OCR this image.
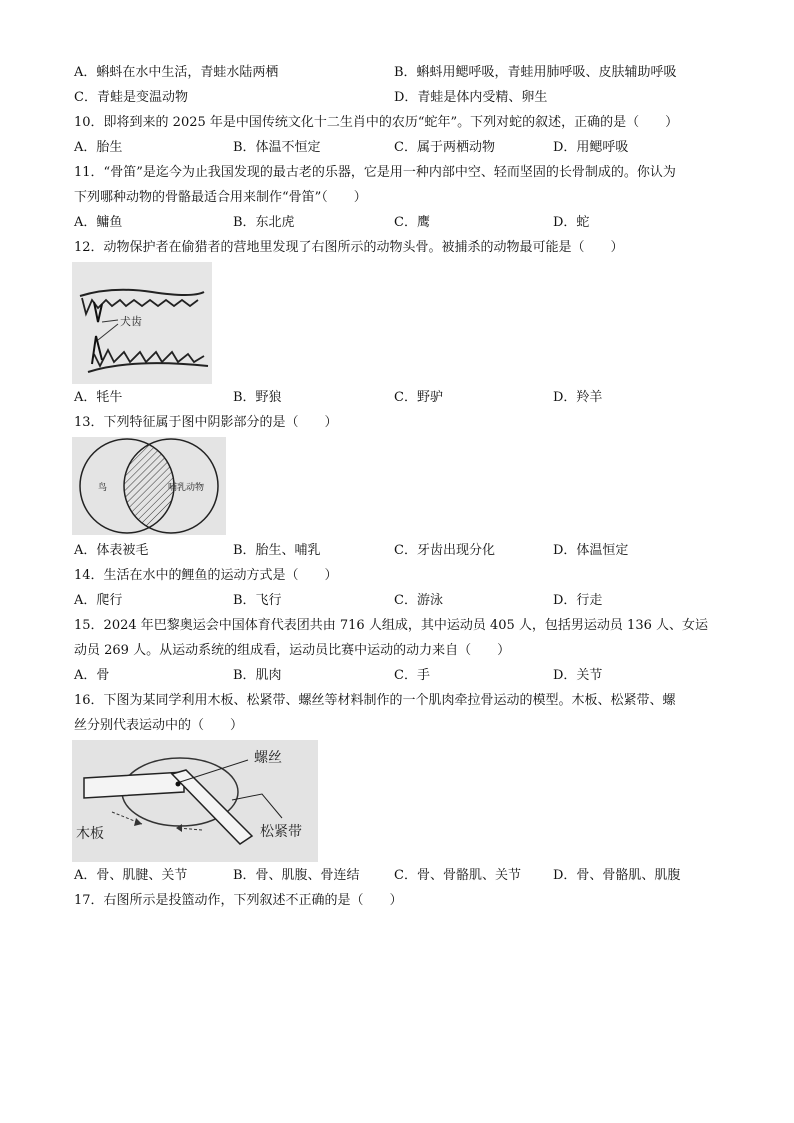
A．蝌蚪在水中生活，青蛙水陆两栖	B．蝌蚪用鳃呼吸，青蛙用肺呼吸、皮肤辅助呼吸
C．青蛙是变温动物	D．青蛙是体内受精、卵生
10．即将到来的 2025 年是中国传统文化十二生肖中的农历“蛇年”。下列对蛇的叙述，正确的是（　　）
A．胎生	B．体温不恒定	C．属于两栖动物	D．用鳃呼吸
11．“骨笛”是迄今为止我国发现的最古老的乐器，它是用一种内部中空、轻而坚固的长骨制成的。你认为
下列哪种动物的骨骼最适合用来制作“骨笛”（　　）
A．鳙鱼	B．东北虎	C．鹰	D．蛇
12．动物保护者在偷猎者的营地里发现了右图所示的动物头骨。被捕杀的动物最可能是（　　）
犬齿
A．牦牛	B．野狼	C．野驴	D．羚羊
13．下列特征属于图中阴影部分的是（　　）
鸟	哺乳动物
A．体表被毛	B．胎生、哺乳	C．牙齿出现分化	D．体温恒定
14．生活在水中的鲤鱼的运动方式是（　　）
A．爬行	B．飞行	C．游泳	D．行走
15．2024 年巴黎奥运会中国体育代表团共由 716 人组成，其中运动员 405 人，包括男运动员 136 人、女运
动员 269 人。从运动系统的组成看，运动员比赛中运动的动力来自（　　）
A．骨	B．肌肉	C．手	D．关节
16．下图为某同学利用木板、松紧带、螺丝等材料制作的一个肌肉牵拉骨运动的模型。木板、松紧带、螺
丝分别代表运动中的（　　）
螺丝
木板	松紧带
A．骨、肌腱、关节	B．骨、肌腹、骨连结	C．骨、骨骼肌、关节 D．骨、骨骼肌、肌腹
17．右图所示是投篮动作，下列叙述不正确的是（　　）
